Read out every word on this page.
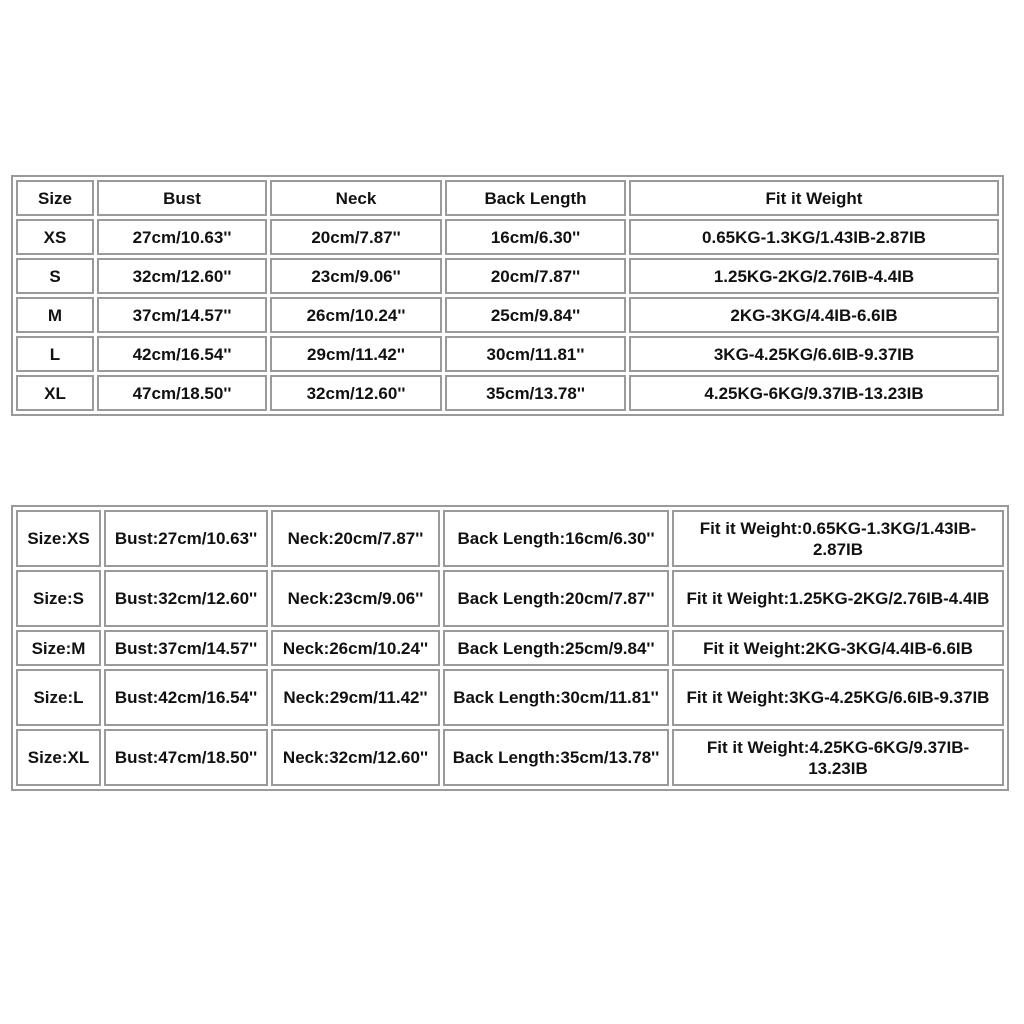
Size	Bust	Neck	Back Length	Fit it Weight
XS	27cm/10.63''	20cm/7.87''	16cm/6.30''	0.65KG-1.3KG/1.43IB-2.87IB
S	32cm/12.60''	23cm/9.06''	20cm/7.87''	1.25KG-2KG/2.76IB-4.4IB
M	37cm/14.57''	26cm/10.24''	25cm/9.84''	2KG-3KG/4.4IB-6.6IB
L	42cm/16.54''	29cm/11.42''	30cm/11.81''	3KG-4.25KG/6.6IB-9.37IB
XL	47cm/18.50''	32cm/12.60''	35cm/13.78''	4.25KG-6KG/9.37IB-13.23IB
Size:XS	Bust:27cm/10.63''	Neck:20cm/7.87''	Back Length:16cm/6.30''	Fit it Weight:0.65KG-1.3KG/1.43IB-2.87IB
Size:S	Bust:32cm/12.60''	Neck:23cm/9.06''	Back Length:20cm/7.87''	Fit it Weight:1.25KG-2KG/2.76IB-4.4IB
Size:M	Bust:37cm/14.57''	Neck:26cm/10.24''	Back Length:25cm/9.84''	Fit it Weight:2KG-3KG/4.4IB-6.6IB
Size:L	Bust:42cm/16.54''	Neck:29cm/11.42''	Back Length:30cm/11.81''	Fit it Weight:3KG-4.25KG/6.6IB-9.37IB
Size:XL	Bust:47cm/18.50''	Neck:32cm/12.60''	Back Length:35cm/13.78''	Fit it Weight:4.25KG-6KG/9.37IB-13.23IB
